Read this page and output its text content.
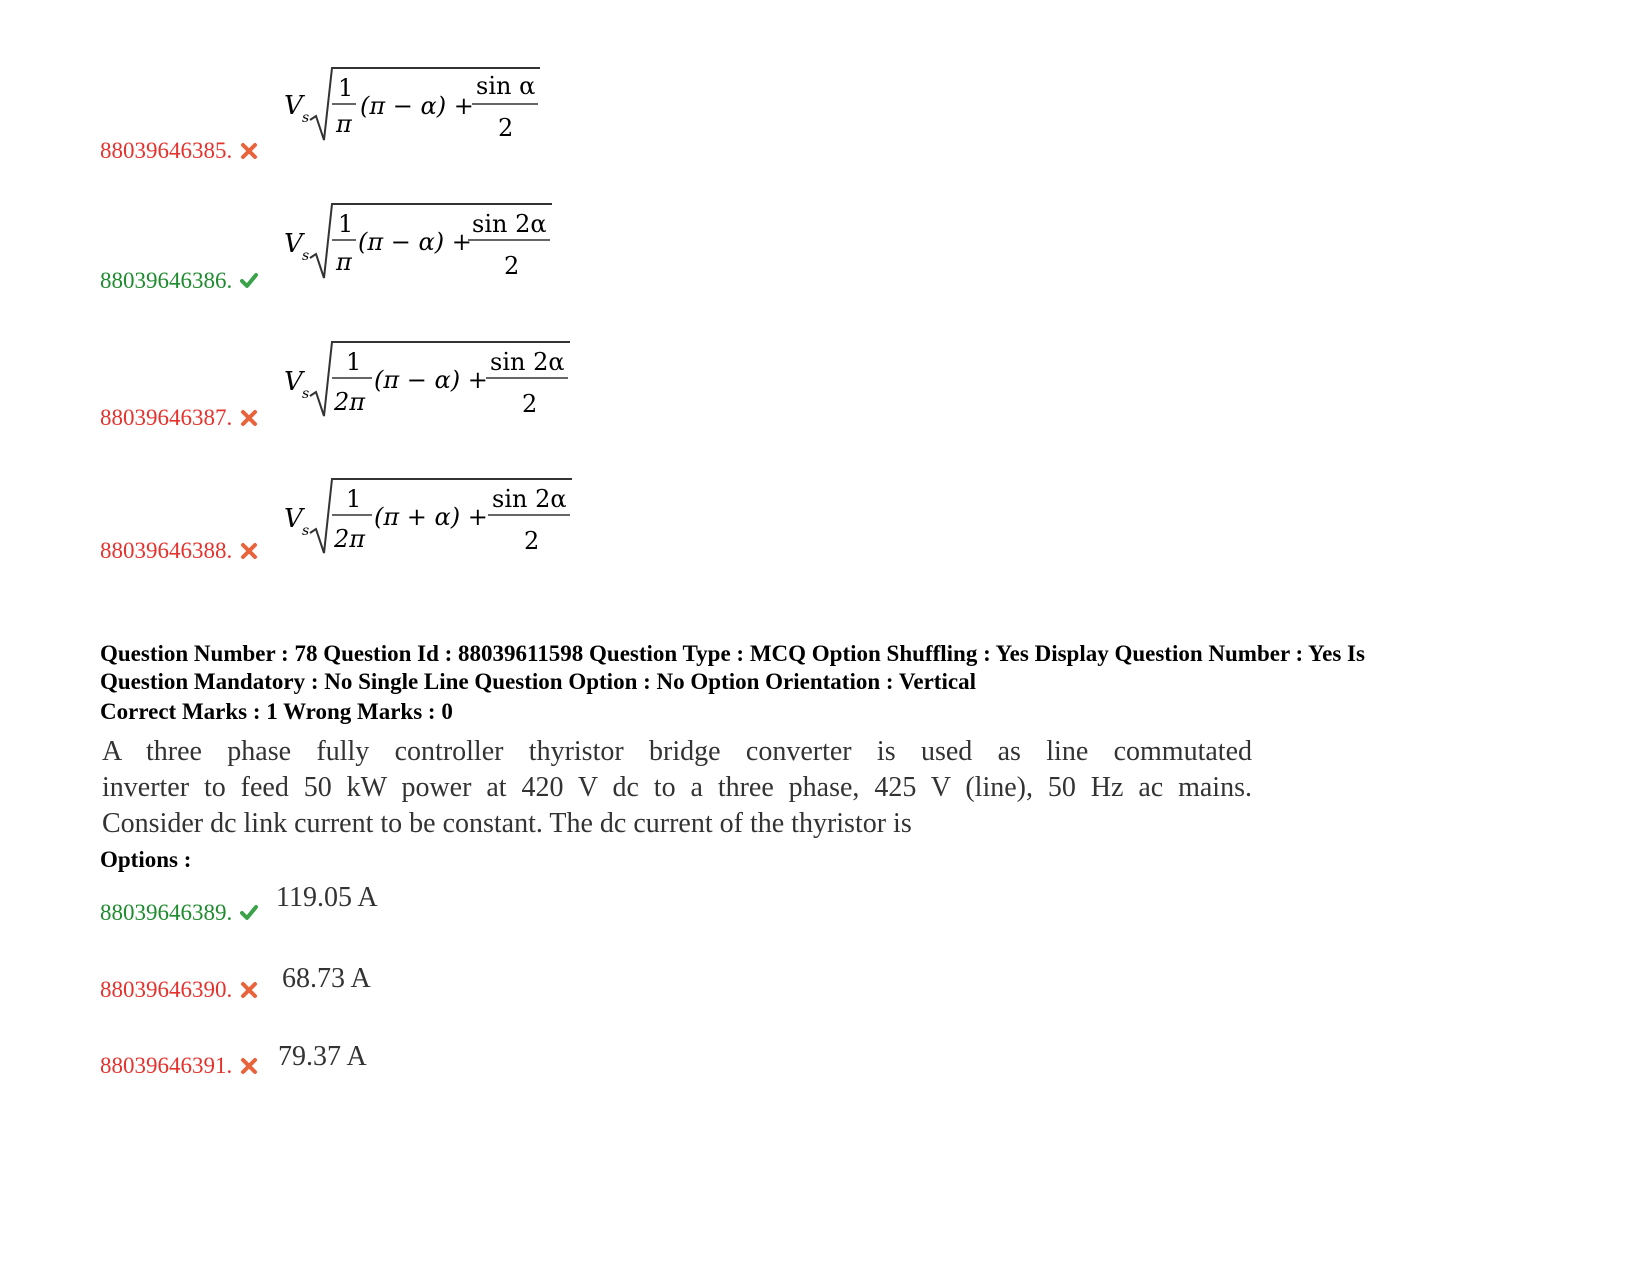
88039646385.
V s
1
π
(π − α) +
sin α
2
88039646386.
V s
1
π
(π − α) +
sin 2α
2
88039646387.
V s
1
2π
(π − α) +
sin 2α
2
88039646388.
V s
1
2π
(π + α) +
sin 2α
2
Question Number : 78 Question Id : 88039611598 Question Type : MCQ Option Shuffling : Yes Display Question Number : Yes Is
Question Mandatory : No Single Line Question Option : No Option Orientation : Vertical
Correct Marks : 1 Wrong Marks : 0
A three phase fully controller thyristor bridge converter is used as line commutated
inverter to feed 50 kW power at 420 V dc to a three phase, 425 V (line), 50 Hz ac mains.
Consider dc link current to be constant. The dc current of the thyristor is
Options :
88039646389.	119.05 A
88039646390.	68.73 A
88039646391.	79.37 A
